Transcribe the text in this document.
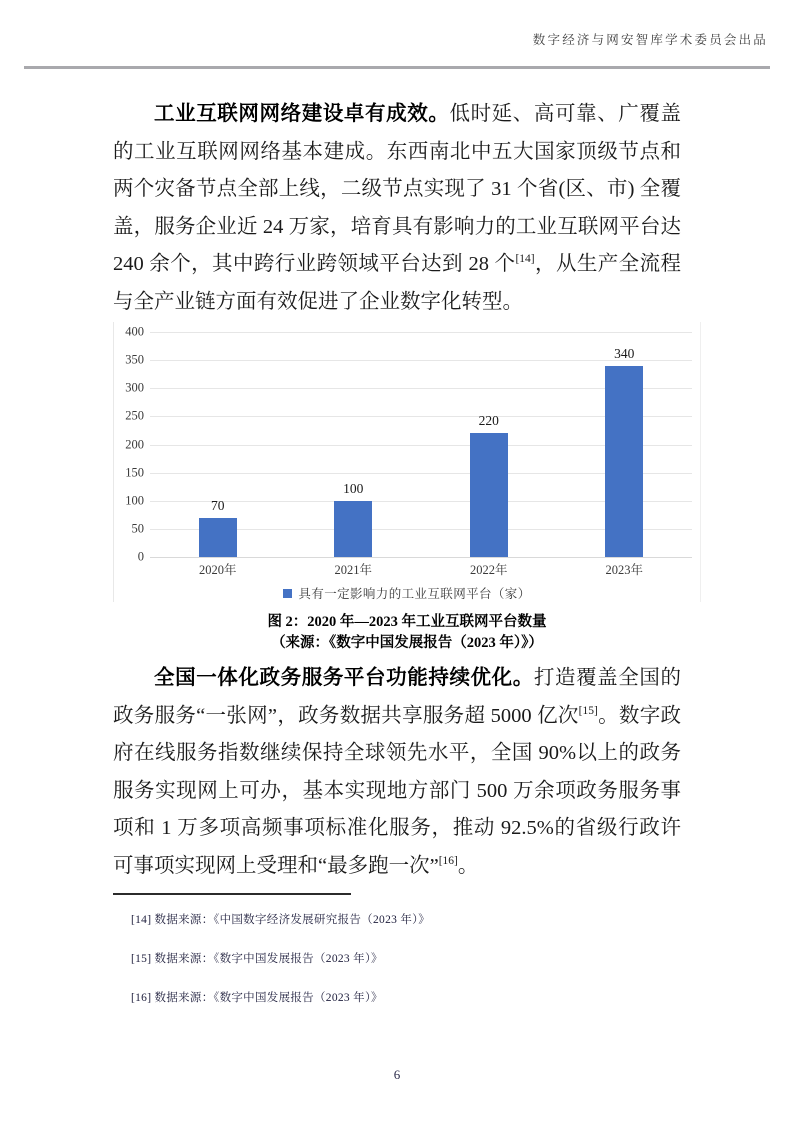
数字经济与网安智库学术委员会出品

工业互联网网络建设卓有成效。低时延、高可靠、广覆盖的工业互联网网络基本建成。东西南北中五大国家顶级节点和两个灾备节点全部上线，二级节点实现了 31 个省(区、市) 全覆盖，服务企业近 24 万家，培育具有影响力的工业互联网平台达 240 余个，其中跨行业跨领域平台达到 28 个[14]，从生产全流程与全产业链方面有效促进了企业数字化转型。

400
350
300
250
200
150
100
50
0
70
100
220
340
2020年	2021年	2022年	2023年
具有一定影响力的工业互联网平台（家）
图 2：2020 年—2023 年工业互联网平台数量
（来源：《数字中国发展报告（2023 年）》）

全国一体化政务服务平台功能持续优化。打造覆盖全国的政务服务“一张网”，政务数据共享服务超 5000 亿次[15]。数字政府在线服务指数继续保持全球领先水平，全国 90%以上的政务服务实现网上可办，基本实现地方部门 500 万余项政务服务事项和 1 万多项高频事项标准化服务，推动 92.5%的省级行政许可事项实现网上受理和“最多跑一次”[16]。

[14] 数据来源：《中国数字经济发展研究报告（2023 年）》
[15] 数据来源：《数字中国发展报告（2023 年）》
[16] 数据来源：《数字中国发展报告（2023 年）》
6
